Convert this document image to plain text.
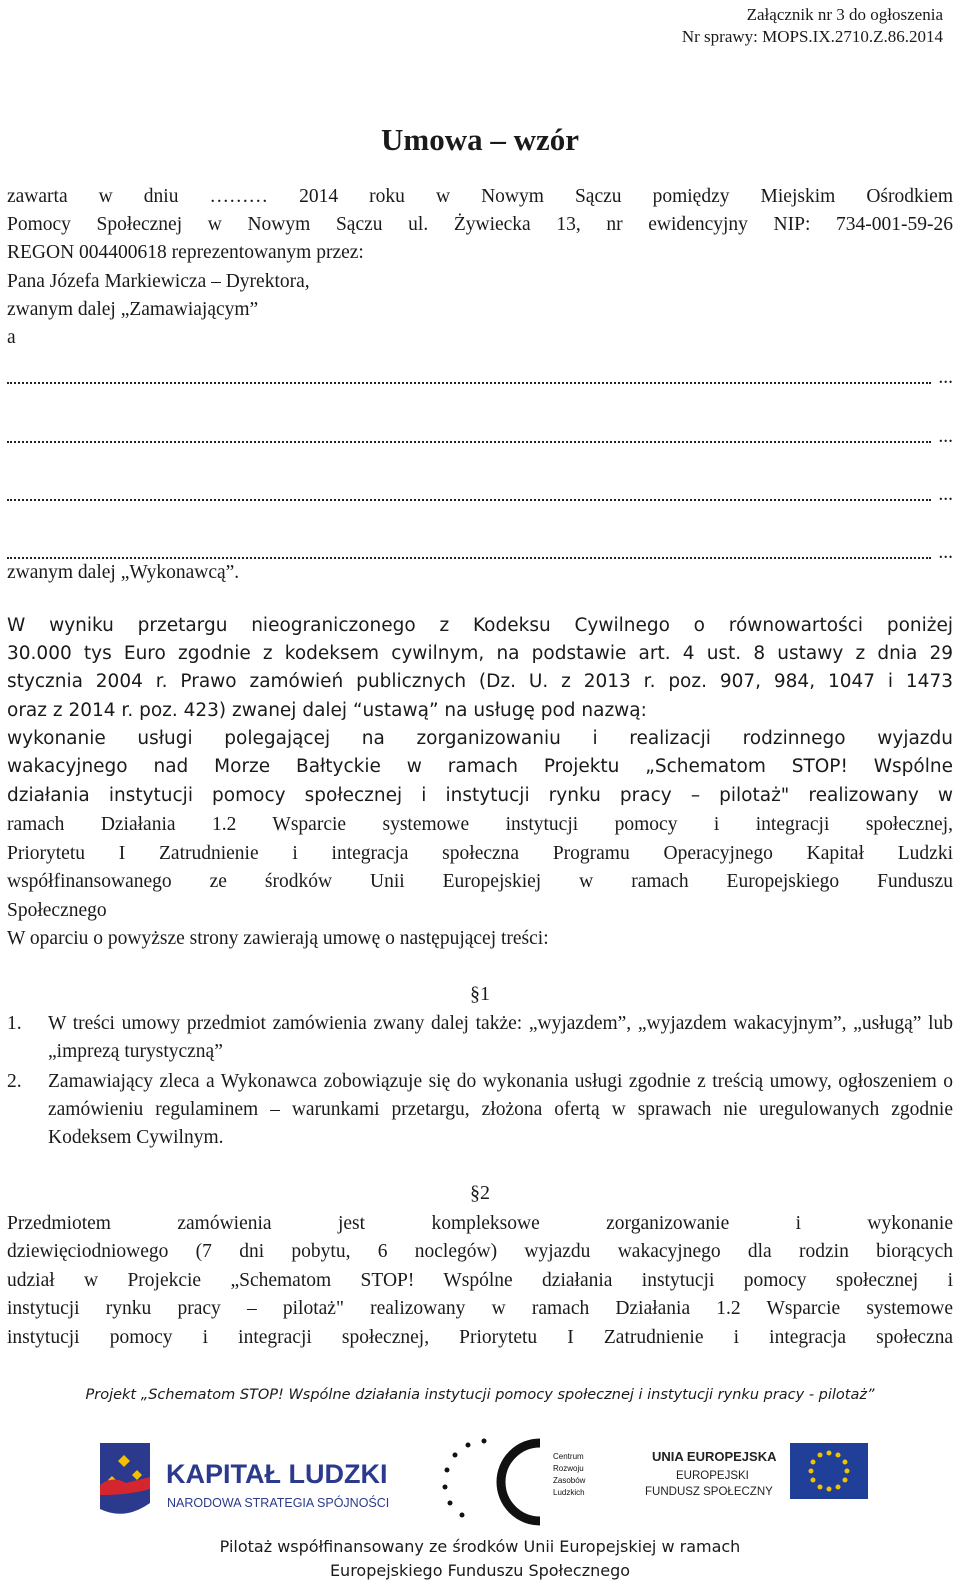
Załącznik nr 3 do ogłoszenia
Nr sprawy: MOPS.IX.2710.Z.86.2014
Umowa – wzór
zawarta w dniu ……… 2014 roku w Nowym Sączu pomiędzy Miejskim Ośrodkiem
Pomocy Społecznej w Nowym Sączu ul. Żywiecka 13, nr ewidencyjny NIP: 734-001-59-26
REGON 004400618 reprezentowanym przez:
Pana Józefa Markiewicza – Dyrektora,
zwanym dalej „Zamawiającym”
a
...
...
...
...
zwanym dalej „Wykonawcą”.
W wyniku przetargu nieograniczonego z Kodeksu Cywilnego o równowartości poniżej
30.000 tys Euro zgodnie z kodeksem cywilnym, na podstawie art. 4 ust. 8 ustawy z dnia 29
stycznia 2004 r. Prawo zamówień publicznych (Dz. U. z 2013 r. poz. 907, 984, 1047 i 1473
oraz z 2014 r. poz. 423) zwanej dalej “ustawą” na usługę pod nazwą:
wykonanie usługi polegającej na zorganizowaniu i realizacji rodzinnego wyjazdu
wakacyjnego nad Morze Bałtyckie w ramach Projektu „Schematom STOP! Wspólne
działania instytucji pomocy społecznej i instytucji rynku pracy – pilotaż" realizowany w
ramach Działania 1.2 Wsparcie systemowe instytucji pomocy i integracji społecznej,
Priorytetu I Zatrudnienie i integracja społeczna Programu Operacyjnego Kapitał Ludzki
współfinansowanego ze środków Unii Europejskiej w ramach Europejskiego Funduszu
Społecznego
W oparciu o powyższe strony zawierają umowę o następującej treści:
§1
1. W treści umowy przedmiot zamówienia zwany dalej także: „wyjazdem”, „wyjazdem wakacyjnym”, „usługą” lub „imprezą turystyczną”
2. Zamawiający zleca a Wykonawca zobowiązuje się do wykonania usługi zgodnie z treścią umowy, ogłoszeniem o zamówieniu regulaminem – warunkami przetargu, złożona ofertą w sprawach nie uregulowanych zgodnie Kodeksem Cywilnym.
§2
Przedmiotem zamówienia jest kompleksowe zorganizowanie i wykonanie
dziewięciodniowego (7 dni pobytu, 6 noclegów) wyjazdu wakacyjnego dla rodzin biorących
udział w Projekcie „Schematom STOP! Wspólne działania instytucji pomocy społecznej i
instytucji rynku pracy – pilotaż" realizowany w ramach Działania 1.2 Wsparcie systemowe
instytucji pomocy i integracji społecznej, Priorytetu I Zatrudnienie i integracja społeczna
Projekt „Schematom STOP! Wspólne działania instytucji pomocy społecznej i instytucji rynku pracy - pilotaż”
KAPITAŁ LUDZKI
NARODOWA STRATEGIA SPÓJNOŚCI
Centrum
Rozwoju
Zasobów
Ludzkich
UNIA EUROPEJSKA
EUROPEJSKI
FUNDUSZ SPOŁECZNY
Pilotaż współfinansowany ze środków Unii Europejskiej w ramach
Europejskiego Funduszu Społecznego
